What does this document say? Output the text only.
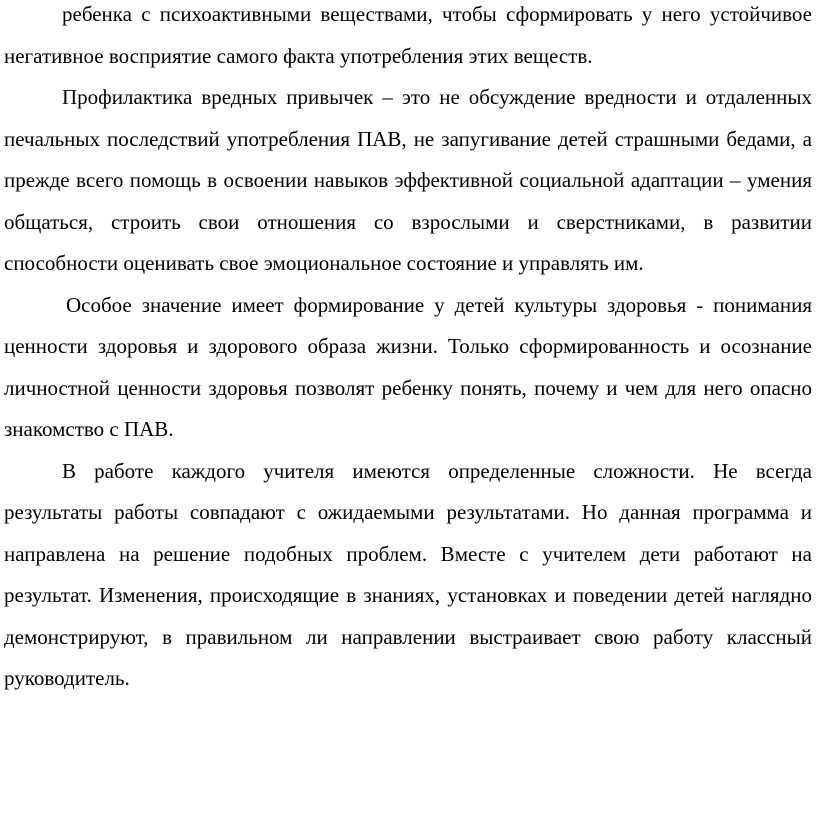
ребенка с психоактивными веществами, чтобы сформировать у него устойчивое негативное восприятие самого факта употребления этих веществ.

Профилактика вредных привычек – это не обсуждение вредности и отдаленных печальных последствий употребления ПАВ, не запугивание детей страшными бедами, а прежде всего помощь в освоении навыков эффективной социальной адаптации – умения общаться, строить свои отношения со взрослыми и сверстниками, в развитии способности оценивать свое эмоциональное состояние и управлять им.

Особое значение имеет формирование у детей культуры здоровья - понимания ценности здоровья и здорового образа жизни. Только сформированность и осознание личностной ценности здоровья позволят ребенку понять, почему и чем для него опасно знакомство с ПАВ.

В работе каждого учителя имеются определенные сложности. Не всегда результаты работы совпадают с ожидаемыми результатами. Но данная программа и направлена на решение подобных проблем. Вместе с учителем дети работают на результат. Изменения, происходящие в знаниях, установках и поведении детей наглядно демонстрируют, в правильном ли направлении выстраивает свою работу классный руководитель.
